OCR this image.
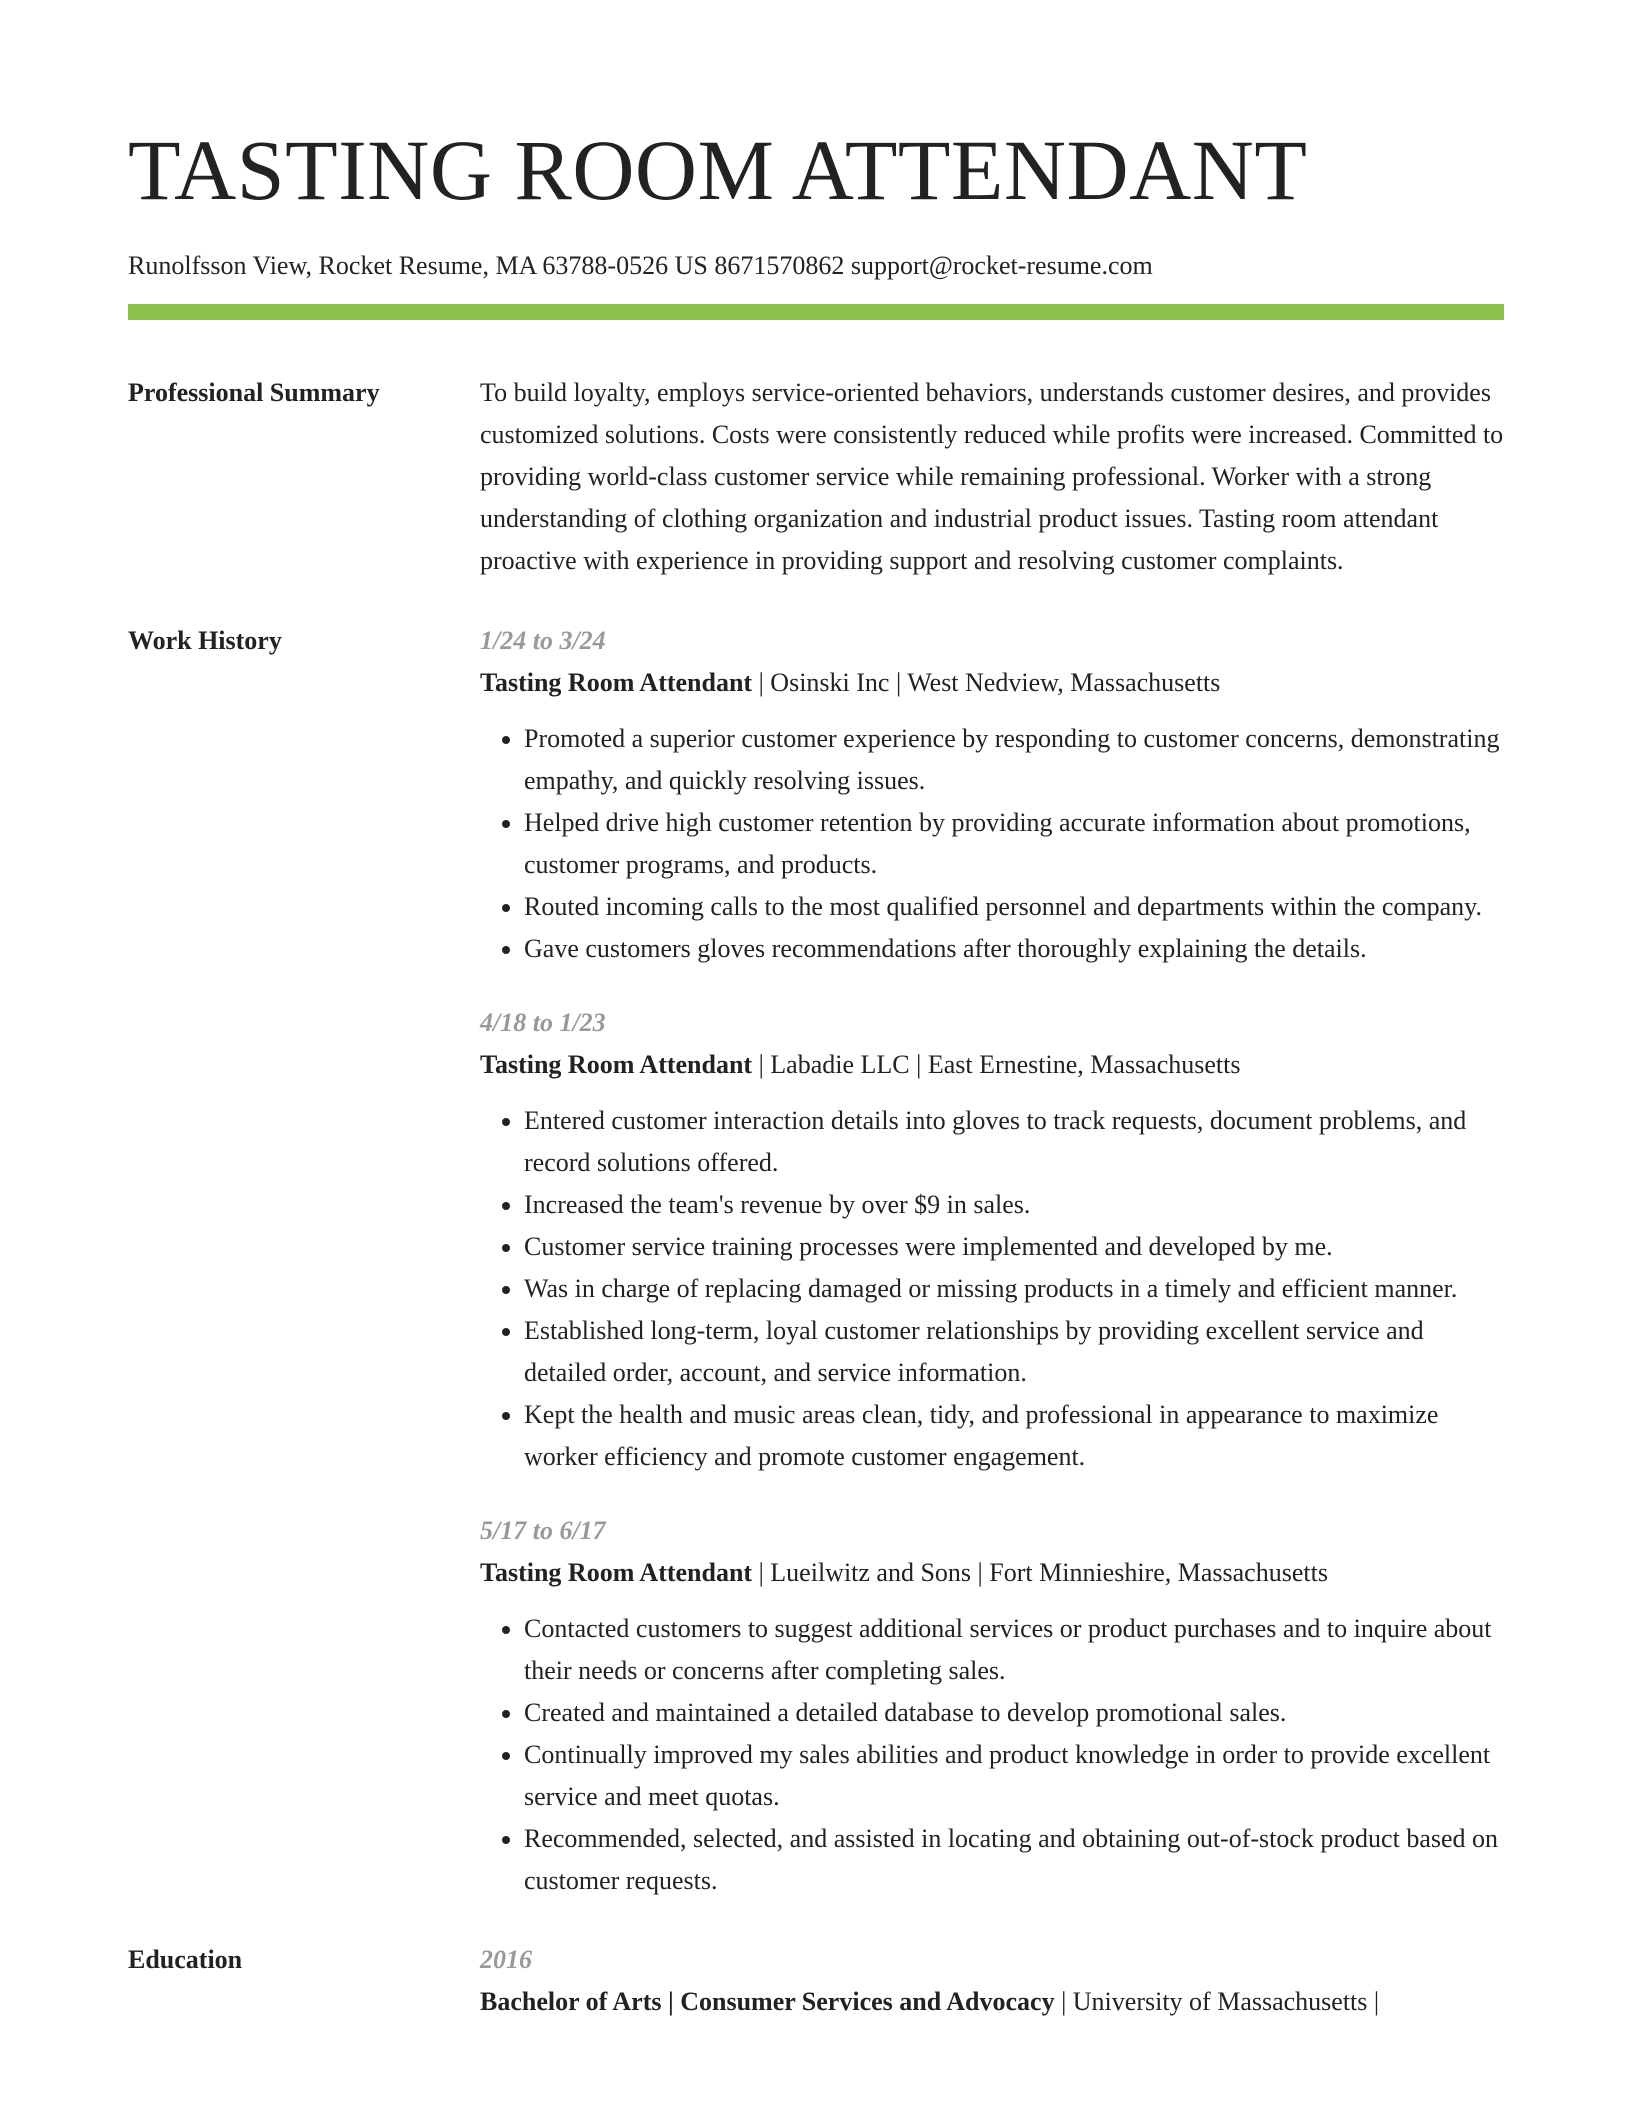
TASTING ROOM ATTENDANT
Runolfsson View, Rocket Resume, MA 63788-0526 US 8671570862 support@rocket-resume.com
Professional Summary	To build loyalty, employs service-oriented behaviors, understands customer desires, and provides customized solutions. Costs were consistently reduced while profits were increased. Committed to providing world-class customer service while remaining professional. Worker with a strong understanding of clothing organization and industrial product issues. Tasting room attendant proactive with experience in providing support and resolving customer complaints.

Work History	1/24 to 3/24
Tasting Room Attendant | Osinski Inc | West Nedview, Massachusetts
• Promoted a superior customer experience by responding to customer concerns, demonstrating empathy, and quickly resolving issues.
• Helped drive high customer retention by providing accurate information about promotions, customer programs, and products.
• Routed incoming calls to the most qualified personnel and departments within the company.
• Gave customers gloves recommendations after thoroughly explaining the details.
4/18 to 1/23
Tasting Room Attendant | Labadie LLC | East Ernestine, Massachusetts
• Entered customer interaction details into gloves to track requests, document problems, and record solutions offered.
• Increased the team's revenue by over $9 in sales.
• Customer service training processes were implemented and developed by me.
• Was in charge of replacing damaged or missing products in a timely and efficient manner.
• Established long-term, loyal customer relationships by providing excellent service and detailed order, account, and service information.
• Kept the health and music areas clean, tidy, and professional in appearance to maximize worker efficiency and promote customer engagement.
5/17 to 6/17
Tasting Room Attendant | Lueilwitz and Sons | Fort Minnieshire, Massachusetts
• Contacted customers to suggest additional services or product purchases and to inquire about their needs or concerns after completing sales.
• Created and maintained a detailed database to develop promotional sales.
• Continually improved my sales abilities and product knowledge in order to provide excellent service and meet quotas.
• Recommended, selected, and assisted in locating and obtaining out-of-stock product based on customer requests.
Education	2016
Bachelor of Arts | Consumer Services and Advocacy | University of Massachusetts |
